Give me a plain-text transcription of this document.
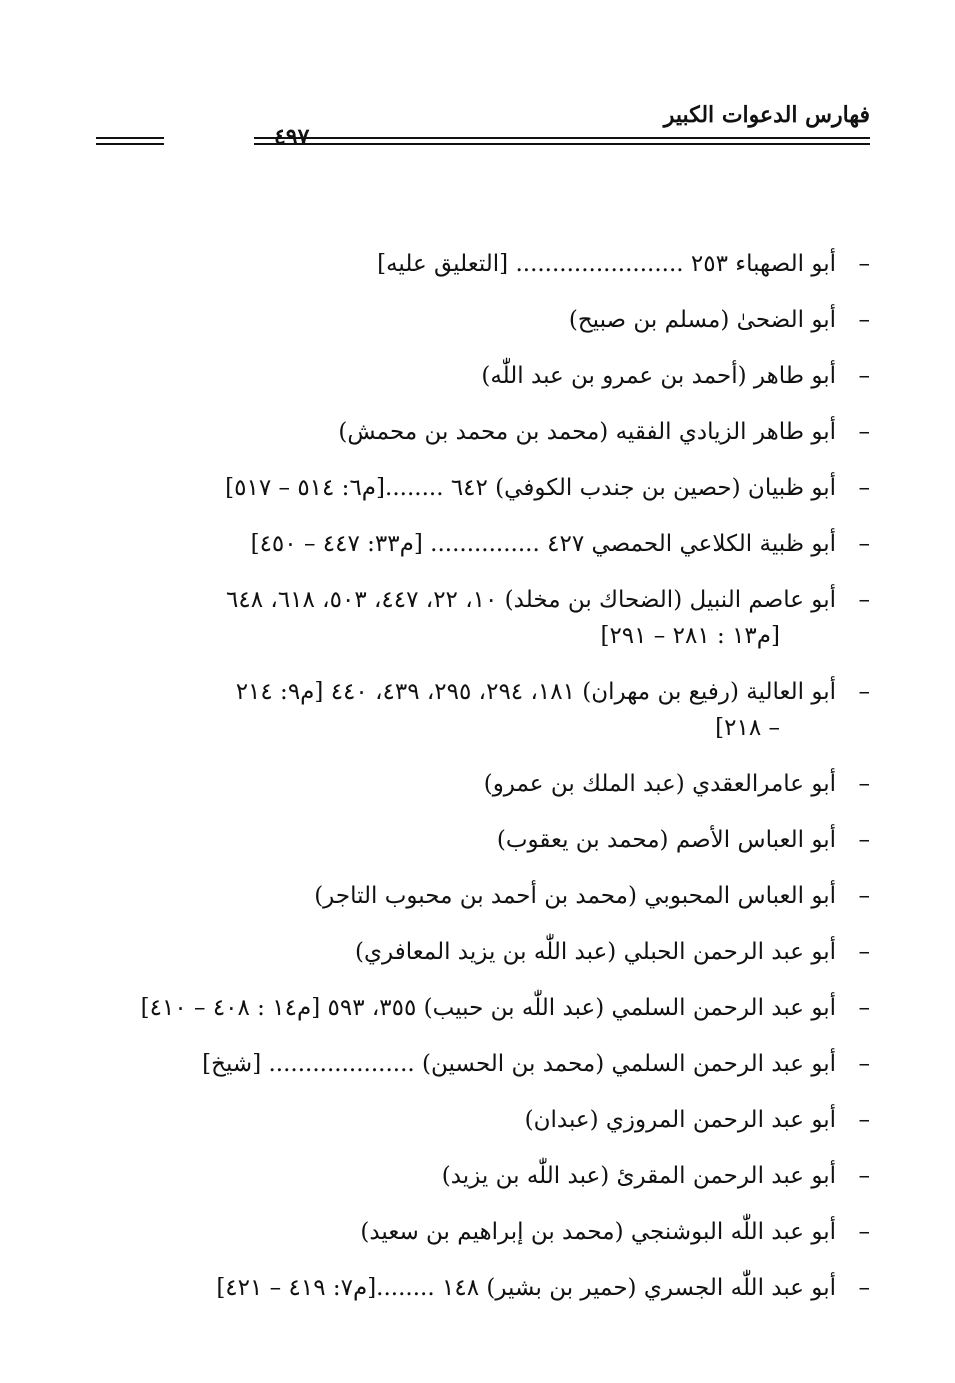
فهارس الدعوات الكبير
٤٩٧
–
أبو الصهباء ٢٥٣ ....................... [التعليق عليه]
–
أبو الضحىٰ (مسلم بن صبيح)
–
أبو طاهر (أحمد بن عمرو بن عبد اللّٰه)
–
أبو طاهر الزيادي الفقيه (محمد بن محمد بن محمش)
–
أبو ظبيان (حصين بن جندب الكوفي) ٦٤٢ ........[م٦: ٥١٤ – ٥١٧]
–
أبو ظبية الكلاعي الحمصي ٤٢٧ ............... [م٣٣: ٤٤٧ – ٤٥٠]
–
أبو عاصم النبيل (الضحاك بن مخلد) ١٠، ٢٢، ٤٤٧، ٥٠٣، ٦١٨، ٦٤٨
[م١٣ : ٢٨١ – ٢٩١]
–
أبو العالية (رفيع بن مهران) ١٨١، ٢٩٤، ٢٩٥، ٤٣٩، ٤٤٠ [م٩: ٢١٤
– ٢١٨]
–
أبو عامرالعقدي (عبد الملك بن عمرو)
–
أبو العباس الأصم (محمد بن يعقوب)
–
أبو العباس المحبوبي (محمد بن أحمد بن محبوب التاجر)
–
أبو عبد الرحمن الحبلي (عبد اللّٰه بن يزيد المعافري)
–
أبو عبد الرحمن السلمي (عبد اللّٰه بن حبيب) ٣٥٥، ٥٩٣ [م١٤ : ٤٠٨ – ٤١٠]
–
أبو عبد الرحمن السلمي (محمد بن الحسين) .................... [شيخ]
–
أبو عبد الرحمن المروزي (عبدان)
–
أبو عبد الرحمن المقرئ (عبد اللّٰه بن يزيد)
–
أبو عبد اللّٰه البوشنجي (محمد بن إبراهيم بن سعيد)
–
أبو عبد اللّٰه الجسري (حمير بن بشير) ١٤٨ ........[م٧: ٤١٩ – ٤٢١]
